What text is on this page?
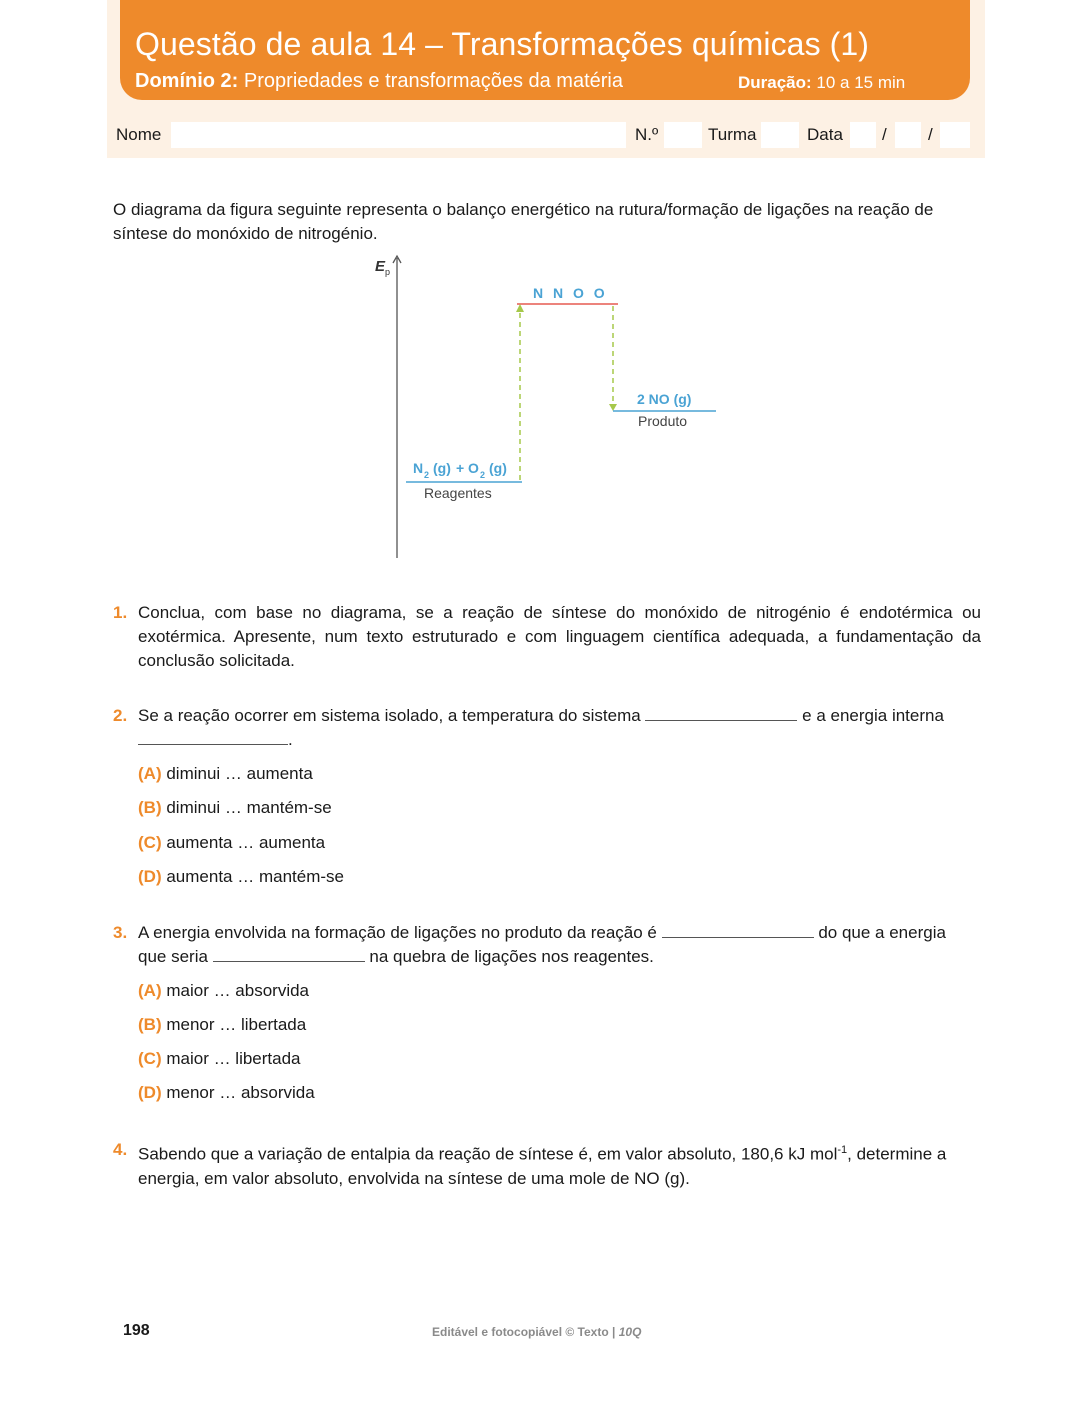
Questão de aula 14 – Transformações químicas (1)
Domínio 2: Propriedades e transformações da matéria	Duração: 10 a 15 min
Nome	N.º	Turma	Data / /

O diagrama da figura seguinte representa o balanço energético na rutura/formação de ligações na reação de síntese do monóxido de nitrogénio.

E p
N N O O
2 NO (g)
Produto
N 2 (g) + O 2 (g)
Reagentes
1. Conclua, com base no diagrama, se a reação de síntese do monóxido de nitrogénio é endotérmica ou exotérmica. Apresente, num texto estruturado e com linguagem científica adequada, a fundamentação da conclusão solicitada.

2. Se a reação ocorrer em sistema isolado, a temperatura do sistema	e a energia interna
.

(A) diminui … aumenta
(B) diminui … mantém-se
(C) aumenta … aumenta
(D) aumenta … mantém-se
3. A energia envolvida na formação de ligações no produto da reação é	do que a energia
que seria	na quebra de ligações nos reagentes.

(A) maior … absorvida
(B) menor … libertada
(C) maior … libertada
(D) menor … absorvida
4. Sabendo que a variação de entalpia da reação de síntese é, em valor absoluto, 180,6 kJ mol$^{-1}$, determine a energia, em valor absoluto, envolvida na síntese de uma mole de NO (g).

198	Editável e fotocopiável © Texto | 10Q
